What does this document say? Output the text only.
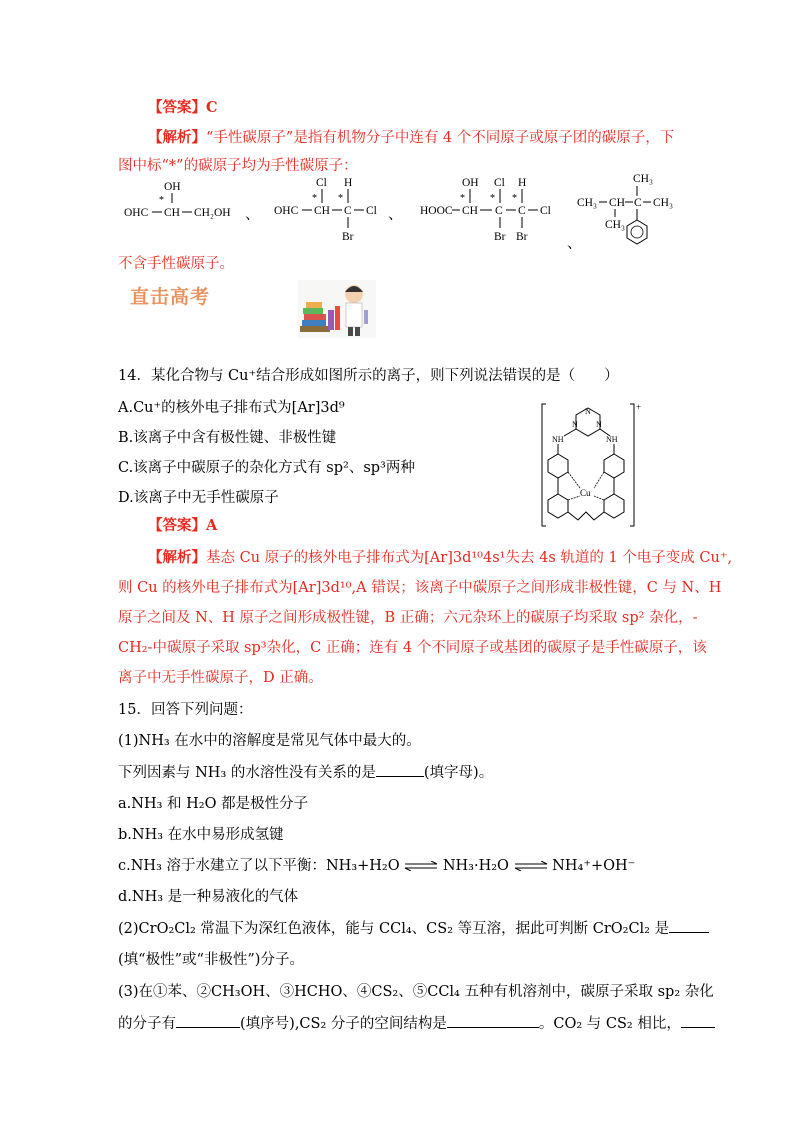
【答案】C
【解析】“手性碳原子”是指有机物分子中连有 4 个不同原子或原子团的碳原子，下
图中标“*”的碳原子均为手性碳原子：
OH
*
OHC CH CH₂OH 、
Cl H
* *
OHC CH C Cl
Br
、
OH Cl H
*	* *
HOOC CH C C Cl
Br Br	、
CH₃
CH₃ CH C CH₃
CH₃
不含手性碳原子。
直击高考
14．某化合物与 Cu⁺结合形成如图所示的离子，则下列说法错误的是（　　）
A.Cu⁺的核外电子排布式为[Ar]3d⁹
B.该离子中含有极性键、非极性键
C.该离子中碳原子的杂化方式有 sp²、sp³两种
D.该离子中无手性碳原子
+
N
N N
NH	NH
Cu
【答案】A
【解析】基态 Cu 原子的核外电子排布式为[Ar]3d¹⁰4s¹失去 4s 轨道的 1 个电子变成 Cu⁺,
则 Cu 的核外电子排布式为[Ar]3d¹⁰,A 错误；该离子中碳原子之间形成非极性键，C 与 N、H
原子之间及 N、H 原子之间形成极性键，B 正确；六元杂环上的碳原子均采取 sp² 杂化，-
CH₂-中碳原子采取 sp³杂化，C 正确；连有 4 个不同原子或基团的碳原子是手性碳原子，该
离子中无手性碳原子，D 正确。
15．回答下列问题：
(1)NH₃ 在水中的溶解度是常见气体中最大的。
下列因素与 NH₃ 的水溶性没有关系的是	(填字母)。
a.NH₃ 和 H₂O 都是极性分子
b.NH₃ 在水中易形成氢键
c.NH₃ 溶于水建立了以下平衡：NH₃+H₂O ⇌ NH₃·H₂O ⇌ NH₄⁺+OH⁻
d.NH₃ 是一种易液化的气体
(2)CrO₂Cl₂ 常温下为深红色液体，能与 CCl₄、CS₂ 等互溶，据此可判断 CrO₂Cl₂ 是
(填“极性”或“非极性”)分子。
(3)在①苯、②CH₃OH、③HCHO、④CS₂、⑤CCl₄ 五种有机溶剂中，碳原子采取 sp₂ 杂化
的分子有	(填序号),CS₂ 分子的空间结构是	。CO₂ 与 CS₂ 相比，
